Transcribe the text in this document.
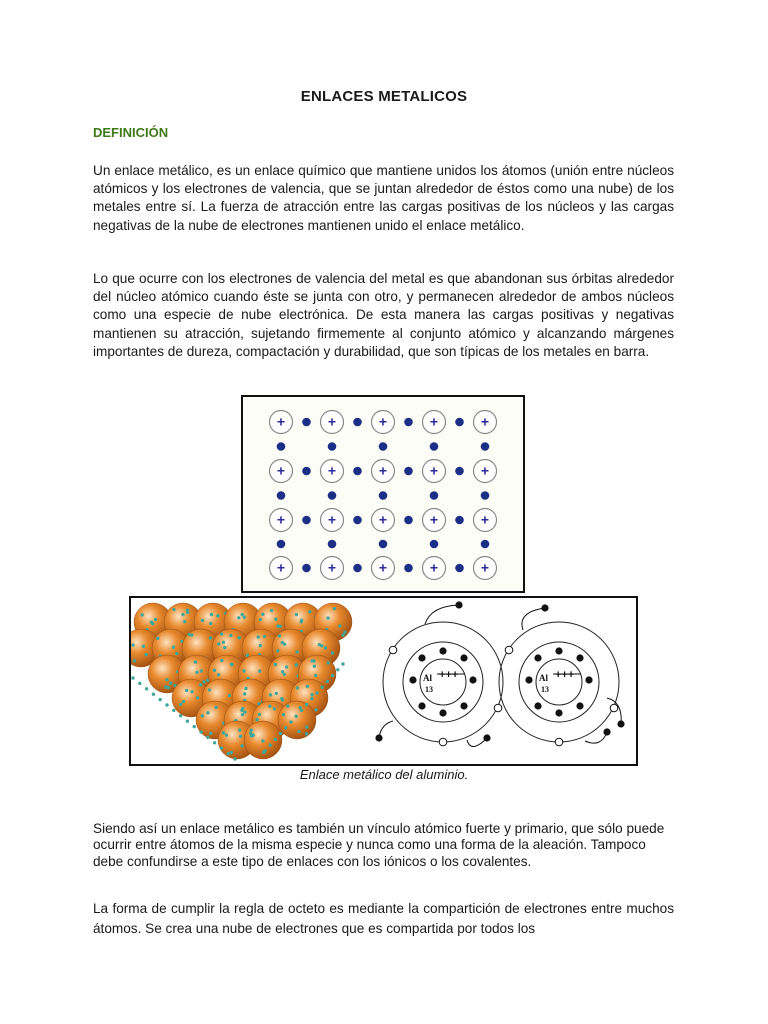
ENLACES METALICOS
DEFINICIÓN
Un enlace metálico, es un enlace químico que mantiene unidos los átomos (unión entre núcleos atómicos y los electrones de valencia, que se juntan alrededor de éstos como una nube) de los metales entre sí. La fuerza de atracción entre las cargas positivas de los núcleos y las cargas negativas de la nube de electrones mantienen unido el enlace metálico.
Lo que ocurre con los electrones de valencia del metal es que abandonan sus órbitas alrededor del núcleo atómico cuando éste se junta con otro, y permanecen alrededor de ambos núcleos como una especie de nube electrónica. De esta manera las cargas positivas y negativas mantienen su atracción, sujetando firmemente al conjunto atómico y alcanzando márgenes importantes de dureza, compactación y durabilidad, que son típicas de los metales en barra.
+	+	+	+	+
+	+	+	+	+
+	+	+	+	+
+	+	+	+	+
Al
13
+++	Al
13
+++
Enlace metálico del aluminio.
Siendo así un enlace metálico es también un vínculo atómico fuerte y primario, que sólo puede ocurrir entre átomos de la misma especie y nunca como una forma de la aleación. Tampoco debe confundirse a este tipo de enlaces con los iónicos o los covalentes.
La forma de cumplir la regla de octeto es mediante la compartición de electrones entre muchos átomos. Se crea una nube de electrones que es compartida por todos los
